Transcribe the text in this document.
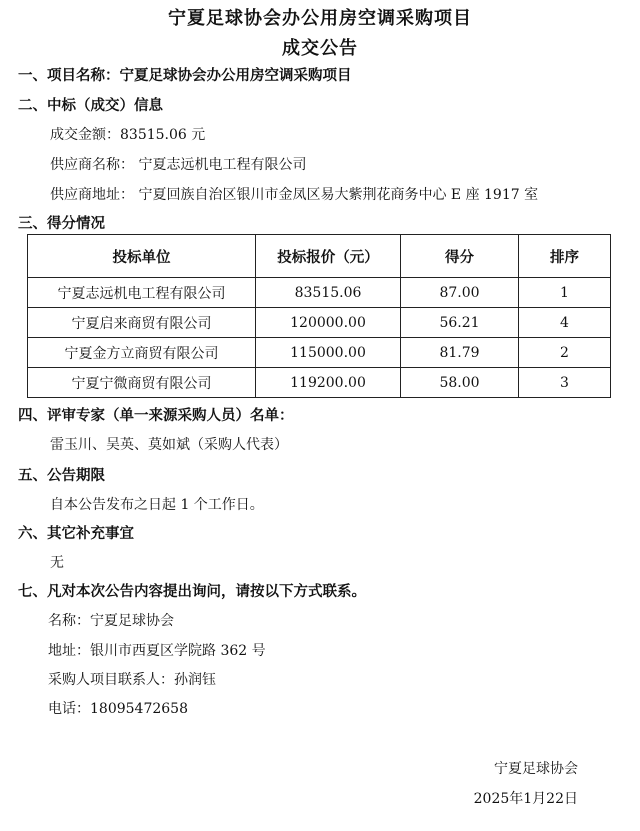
宁夏足球协会办公用房空调采购项目
成交公告
一、项目名称：宁夏足球协会办公用房空调采购项目
二、中标（成交）信息
成交金额：83515.06 元
供应商名称： 宁夏志远机电工程有限公司
供应商地址： 宁夏回族自治区银川市金凤区易大紫荆花商务中心 E 座 1917 室
三、得分情况
投标单位	投标报价（元）	得分	排序
宁夏志远机电工程有限公司	83515.06	87.00	1
宁夏启来商贸有限公司	120000.00	56.21	4
宁夏金方立商贸有限公司	115000.00	81.79	2
宁夏宁微商贸有限公司	119200.00	58.00	3
四、评审专家（单一来源采购人员）名单：
雷玉川、吴英、莫如斌（采购人代表）
五、公告期限
自本公告发布之日起 1 个工作日。
六、其它补充事宜
无
七、凡对本次公告内容提出询问，请按以下方式联系。
名称：宁夏足球协会
地址：银川市西夏区学院路 362 号
采购人项目联系人：孙润钰
电话：18095472658
宁夏足球协会
2025年1月22日
